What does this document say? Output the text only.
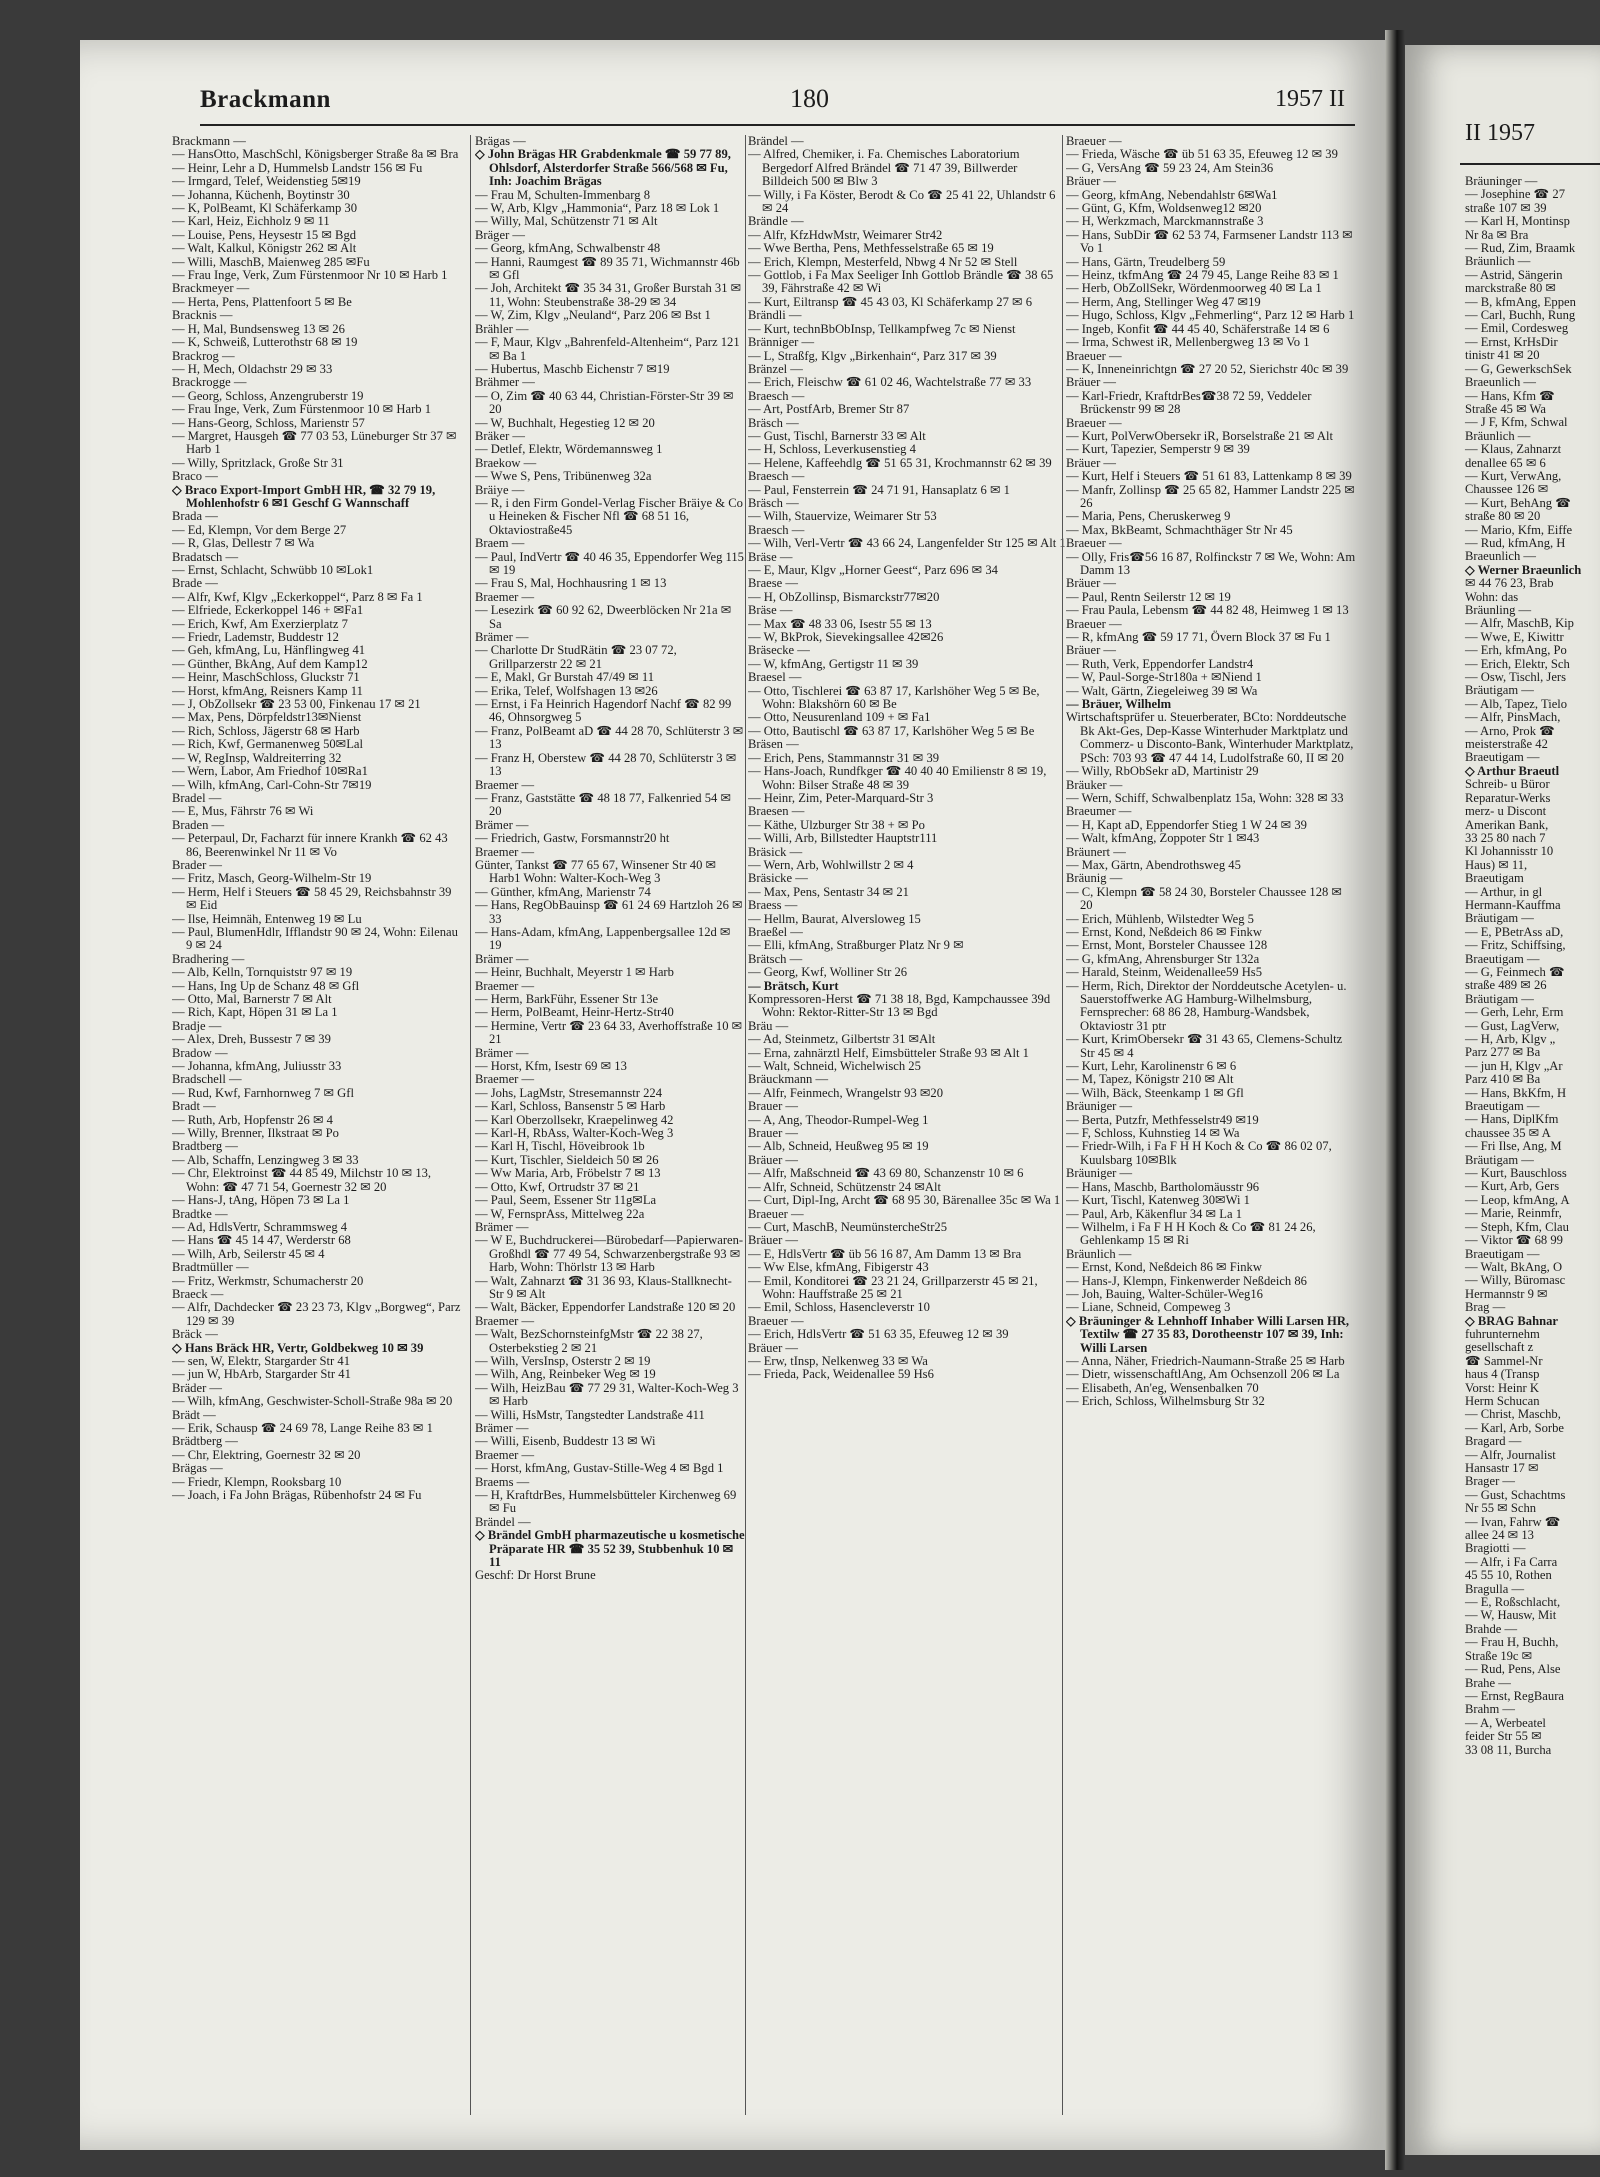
II 1957

Bräuninger —

— Josephine ☎ 27

straße 107 ✉ 39

— Karl H, Montinsp

Nr 8a ✉ Bra

— Rud, Zim, Braamk

Bräunlich —

— Astrid, Sängerin

marckstraße 80 ✉

— B, kfmAng, Eppen

— Carl, Buchh, Rung

— Emil, Cordesweg

— Ernst, KrHsDir

tinistr 41 ✉ 20

— G, GewerkschSek

Braeunlich —

— Hans, Kfm ☎

Straße 45 ✉ Wa

— J F, Kfm, Schwal

Bräunlich —

— Klaus, Zahnarzt

denallee 65 ✉ 6

— Kurt, VerwAng,

Chaussee 126 ✉

— Kurt, BehAng ☎

straße 80 ✉ 20

— Mario, Kfm, Eiffe

— Rud, kfmAng, H

Braeunlich —

◇ Werner Braeunlich

✉ 44 76 23, Brab

Wohn: das

Bräunling —

— Alfr, MaschB, Kip

— Wwe, E, Kiwittr

— Erh, kfmAng, Po

— Erich, Elektr, Sch

— Osw, Tischl, Jers

Bräutigam —

— Alb, Tapez, Tielo

— Alfr, PinsMach,

— Arno, Prok ☎

meisterstraße 42

Braeutigam —

◇ Arthur Braeutl

Schreib- u Büror

Reparatur-Werks

merz- u Discont

Amerikan Bank,

33 25 80 nach 7

Kl Johannisstr 10

Haus) ✉ 11,

Braeutigam

— Arthur, in gl

Hermann-Kauffma

Bräutigam —

— E, PBetrAss aD,

— Fritz, Schiffsing,

Braeutigam —

— G, Feinmech ☎

straße 489 ✉ 26

Bräutigam —

— Gerh, Lehr, Erm

— Gust, LagVerw,

— H, Arb, Klgv „

Parz 277 ✉ Ba

— jun H, Klgv „Ar

Parz 410 ✉ Ba

— Hans, BkKfm, H

Braeutigam —

— Hans, DiplKfm

chaussee 35 ✉ A

— Fri Ilse, Ang, M

Bräutigam —

— Kurt, Bauschloss

— Kurt, Arb, Gers

— Leop, kfmAng, A

— Marie, Reinmfr,

— Steph, Kfm, Clau

— Viktor ☎ 68 99

Braeutigam —

— Walt, BkAng, O

— Willy, Büromasc

Hermannstr 9 ✉

Brag —

◇ BRAG Bahnar

fuhrunternehm

gesellschaft z

☎ Sammel-Nr

haus 4 (Transp

Vorst: Heinr K

Herm Schucan

— Christ, Maschb,

— Karl, Arb, Sorbe

Bragard —

— Alfr, Journalist

Hansastr 17 ✉

Brager —

— Gust, Schachtms

Nr 55 ✉ Schn

— Ivan, Fahrw ☎

allee 24 ✉ 13

Bragiotti —

— Alfr, i Fa Carra

45 55 10, Rothen

Bragulla —

— E, Roßschlacht,

— W, Hausw, Mit

Brahde —

— Frau H, Buchh,

Straße 19c ✉

— Rud, Pens, Alse

Brahe —

— Ernst, RegBaura

Brahm —

— A, Werbeatel

feider Str 55 ✉

33 08 11, Burcha

Brackmann	180	1957 II

Brackmann —

— HansOtto, MaschSchl, Königsberger Straße 8a ✉ Bra

— Heinr, Lehr a D, Hummelsb Landstr 156 ✉ Fu

— Irmgard, Telef, Weidenstieg 5✉19

— Johanna, Küchenh, Boytinstr 30

— K, PolBeamt, Kl Schäferkamp 30

— Karl, Heiz, Eichholz 9 ✉ 11

— Louise, Pens, Heysestr 15 ✉ Bgd

— Walt, Kalkul, Königstr 262 ✉ Alt

— Willi, MaschB, Maienweg 285 ✉Fu

— Frau Inge, Verk, Zum Fürstenmoor Nr 10 ✉ Harb 1

Brackmeyer —

— Herta, Pens, Plattenfoort 5 ✉ Be

Bracknis —

— H, Mal, Bundsensweg 13 ✉ 26

— K, Schweiß, Lutterothstr 68 ✉ 19

Brackrog —

— H, Mech, Oldachstr 29 ✉ 33

Brackrogge —

— Georg, Schloss, Anzengruberstr 19

— Frau Inge, Verk, Zum Fürstenmoor 10 ✉ Harb 1

— Hans-Georg, Schloss, Marienstr 57

— Margret, Hausgeh ☎ 77 03 53, Lüneburger Str 37 ✉ Harb 1

— Willy, Spritzlack, Große Str 31

Braco —

◇ Braco Export-Import GmbH HR, ☎ 32 79 19, Mohlenhofstr 6 ✉1 Geschf G Wannschaff

Brada —

— Ed, Klempn, Vor dem Berge 27

— R, Glas, Dellestr 7 ✉ Wa

Bradatsch —

— Ernst, Schlacht, Schwübb 10 ✉Lok1

Brade —

— Alfr, Kwf, Klgv „Eckerkoppel“, Parz 8 ✉ Fa 1

— Elfriede, Eckerkoppel 146 + ✉Fa1

— Erich, Kwf, Am Exerzierplatz 7

— Friedr, Lademstr, Buddestr 12

— Geh, kfmAng, Lu, Hänflingweg 41

— Günther, BkAng, Auf dem Kamp12

— Heinr, MaschSchloss, Gluckstr 71

— Horst, kfmAng, Reisners Kamp 11

— J, ObZollsekr ☎ 23 53 00, Finkenau 17 ✉ 21

— Max, Pens, Dörpfeldstr13✉Nienst

— Rich, Schloss, Jägerstr 68 ✉ Harb

— Rich, Kwf, Germanenweg 50✉Lal

— W, RegInsp, Waldreiterring 32

— Wern, Labor, Am Friedhof 10✉Ra1

— Wilh, kfmAng, Carl-Cohn-Str 7✉19

Bradel —

— E, Mus, Fährstr 76 ✉ Wi

Braden —

— Peterpaul, Dr, Facharzt für innere Krankh ☎ 62 43 86, Beerenwinkel Nr 11 ✉ Vo

Brader —

— Fritz, Masch, Georg-Wilhelm-Str 19

— Herm, Helf i Steuers ☎ 58 45 29, Reichsbahnstr 39 ✉ Eid

— Ilse, Heimnäh, Entenweg 19 ✉ Lu

— Paul, BlumenHdlr, Ifflandstr 90 ✉ 24, Wohn: Eilenau 9 ✉ 24

Bradhering —

— Alb, Kelln, Tornquiststr 97 ✉ 19

— Hans, Ing Up de Schanz 48 ✉ Gfl

— Otto, Mal, Barnerstr 7 ✉ Alt

— Rich, Kapt, Höpen 31 ✉ La 1

Bradje —

— Alex, Dreh, Bussestr 7 ✉ 39

Bradow —

— Johanna, kfmAng, Juliusstr 33

Bradschell —

— Rud, Kwf, Farnhornweg 7 ✉ Gfl

Bradt —

— Ruth, Arb, Hopfenstr 26 ✉ 4

— Willy, Brenner, Ilkstraat ✉ Po

Bradtberg —

— Alb, Schaffn, Lenzingweg 3 ✉ 33

— Chr, Elektroinst ☎ 44 85 49, Milchstr 10 ✉ 13, Wohn: ☎ 47 71 54, Goernestr 32 ✉ 20

— Hans-J, tAng, Höpen 73 ✉ La 1

Bradtke —

— Ad, HdlsVertr, Schrammsweg 4

— Hans ☎ 45 14 47, Werderstr 68

— Wilh, Arb, Seilerstr 45 ✉ 4

Bradtmüller —

— Fritz, Werkmstr, Schumacherstr 20

Braeck —

— Alfr, Dachdecker ☎ 23 23 73, Klgv „Borgweg“, Parz 129 ✉ 39

Bräck —

◇ Hans Bräck HR, Vertr, Goldbekweg 10 ✉ 39

— sen, W, Elektr, Stargarder Str 41

— jun W, HbArb, Stargarder Str 41

Bräder —

— Wilh, kfmAng, Geschwister-Scholl-Straße 98a ✉ 20

Brädt —

— Erik, Schausp ☎ 24 69 78, Lange Reihe 83 ✉ 1

Brädtberg —

— Chr, Elektring, Goernestr 32 ✉ 20

Brägas —

— Friedr, Klempn, Rooksbarg 10

— Joach, i Fa John Brägas, Rübenhofstr 24 ✉ Fu

Brägas —

◇ John Brägas HR Grabdenkmale ☎ 59 77 89, Ohlsdorf, Alsterdorfer Straße 566/568 ✉ Fu, Inh: Joachim Brägas

— Frau M, Schulten-Immenbarg 8

— W, Arb, Klgv „Hammonia“, Parz 18 ✉ Lok 1

— Willy, Mal, Schützenstr 71 ✉ Alt

Bräger —

— Georg, kfmAng, Schwalbenstr 48

— Hanni, Raumgest ☎ 89 35 71, Wichmannstr 46b ✉ Gfl

— Joh, Architekt ☎ 35 34 31, Großer Burstah 31 ✉ 11, Wohn: Steubenstraße 38-29 ✉ 34

— W, Zim, Klgv „Neuland“, Parz 206 ✉ Bst 1

Brähler —

— F, Maur, Klgv „Bahrenfeld-Altenheim“, Parz 121 ✉ Ba 1

— Hubertus, Maschb Eichenstr 7 ✉19

Brähmer —

— O, Zim ☎ 40 63 44, Christian-Förster-Str 39 ✉ 20

— W, Buchhalt, Hegestieg 12 ✉ 20

Bräker —

— Detlef, Elektr, Wördemannsweg 1

Braekow —

— Wwe S, Pens, Tribünenweg 32a

Bräiye —

— R, i den Firm Gondel-Verlag Fischer Bräiye & Co u Heineken & Fischer Nfl ☎ 68 51 16, Oktaviostraße45

Braem —

— Paul, IndVertr ☎ 40 46 35, Eppendorfer Weg 115 ✉ 19

— Frau S, Mal, Hochhausring 1 ✉ 13

Braemer —

— Lesezirk ☎ 60 92 62, Dweerblöcken Nr 21a ✉ Sa

Brämer —

— Charlotte Dr StudRätin ☎ 23 07 72, Grillparzerstr 22 ✉ 21

— E, Makl, Gr Burstah 47/49 ✉ 11

— Erika, Telef, Wolfshagen 13 ✉26

— Ernst, i Fa Heinrich Hagendorf Nachf ☎ 82 99 46, Ohnsorgweg 5

— Franz, PolBeamt aD ☎ 44 28 70, Schlüterstr 3 ✉ 13

— Franz H, Oberstew ☎ 44 28 70, Schlüterstr 3 ✉ 13

Braemer —

— Franz, Gaststätte ☎ 48 18 77, Falkenried 54 ✉ 20

Brämer —

— Friedrich, Gastw, Forsmannstr20 ht

Braemer —

Günter, Tankst ☎ 77 65 67, Winsener Str 40 ✉ Harb1 Wohn: Walter-Koch-Weg 3

— Günther, kfmAng, Marienstr 74

— Hans, RegObBauinsp ☎ 61 24 69 Hartzloh 26 ✉ 33

— Hans-Adam, kfmAng, Lappenbergsallee 12d ✉ 19

Brämer —

— Heinr, Buchhalt, Meyerstr 1 ✉ Harb

Braemer —

— Herm, BarkFühr, Essener Str 13e

— Herm, PolBeamt, Heinr-Hertz-Str40

— Hermine, Vertr ☎ 23 64 33, Averhoffstraße 10 ✉ 21

Brämer —

— Horst, Kfm, Isestr 69 ✉ 13

Braemer —

— Johs, LagMstr, Stresemannstr 224

— Karl, Schloss, Bansenstr 5 ✉ Harb

— Karl Oberzollsekr, Kraepelinweg 42

— Karl-H, RbAss, Walter-Koch-Weg 3

— Karl H, Tischl, Höveibrook 1b

— Kurt, Tischler, Sieldeich 50 ✉ 26

— Ww Maria, Arb, Fröbelstr 7 ✉ 13

— Otto, Kwf, Ortrudstr 37 ✉ 21

— Paul, Seem, Essener Str 11g✉La

— W, FernsprAss, Mittelweg 22a

Brämer —

— W E, Buchdruckerei—Bürobedarf—Papierwaren-Großhdl ☎ 77 49 54, Schwarzenbergstraße 93 ✉ Harb, Wohn: Thörlstr 13 ✉ Harb

— Walt, Zahnarzt ☎ 31 36 93, Klaus-Stallknecht-Str 9 ✉ Alt

— Walt, Bäcker, Eppendorfer Landstraße 120 ✉ 20

Braemer —

— Walt, BezSchornsteinfgMstr ☎ 22 38 27, Osterbekstieg 2 ✉ 21

— Wilh, VersInsp, Osterstr 2 ✉ 19

— Wilh, Ang, Reinbeker Weg ✉ 19

— Wilh, HeizBau ☎ 77 29 31, Walter-Koch-Weg 3 ✉ Harb

— Willi, HsMstr, Tangstedter Landstraße 411

Brämer —

— Willi, Eisenb, Buddestr 13 ✉ Wi

Braemer —

— Horst, kfmAng, Gustav-Stille-Weg 4 ✉ Bgd 1

Braems —

— H, KraftdrBes, Hummelsbütteler Kirchenweg 69 ✉ Fu

Brändel —

◇ Brändel GmbH pharmazeutische u kosmetische Präparate HR ☎ 35 52 39, Stubbenhuk 10 ✉ 11

Geschf: Dr Horst Brune

Brändel —

— Alfred, Chemiker, i. Fa. Chemisches Laboratorium Bergedorf Alfred Brändel ☎ 71 47 39, Billwerder Billdeich 500 ✉ Blw 3

— Willy, i Fa Köster, Berodt & Co ☎ 25 41 22, Uhlandstr 6 ✉ 24

Brändle —

— Alfr, KfzHdwMstr, Weimarer Str42

— Wwe Bertha, Pens, Methfesselstraße 65 ✉ 19

— Erich, Klempn, Mesterfeld, Nbwg 4 Nr 52 ✉ Stell

— Gottlob, i Fa Max Seeliger Inh Gottlob Brändle ☎ 38 65 39, Fährstraße 42 ✉ Wi

— Kurt, Eiltransp ☎ 45 43 03, Kl Schäferkamp 27 ✉ 6

Brändli —

— Kurt, technBbObInsp, Tellkampfweg 7c ✉ Nienst

Bränniger —

— L, Straßfg, Klgv „Birkenhain“, Parz 317 ✉ 39

Bränzel —

— Erich, Fleischw ☎ 61 02 46, Wachtelstraße 77 ✉ 33

Braesch —

— Art, PostfArb, Bremer Str 87

Bräsch —

— Gust, Tischl, Barnerstr 33 ✉ Alt

— H, Schloss, Leverkusenstieg 4

— Helene, Kaffeehdlg ☎ 51 65 31, Krochmannstr 62 ✉ 39

Braesch —

— Paul, Fensterrein ☎ 24 71 91, Hansaplatz 6 ✉ 1

Bräsch —

— Wilh, Stauervize, Weimarer Str 53

Braesch —

— Wilh, Verl-Vertr ☎ 43 66 24, Langenfelder Str 125 ✉ Alt 1

Bräse —

— E, Maur, Klgv „Horner Geest“, Parz 696 ✉ 34

Braese —

— H, ObZollinsp, Bismarckstr77✉20

Bräse —

— Max ☎ 48 33 06, Isestr 55 ✉ 13

— W, BkProk, Sievekingsallee 42✉26

Bräsecke —

— W, kfmAng, Gertigstr 11 ✉ 39

Braesel —

— Otto, Tischlerei ☎ 63 87 17, Karlshöher Weg 5 ✉ Be, Wohn: Blakshörn 60 ✉ Be

— Otto, Neusurenland 109 + ✉ Fa1

— Otto, Bautischl ☎ 63 87 17, Karlshöher Weg 5 ✉ Be

Bräsen —

— Erich, Pens, Stammannstr 31 ✉ 39

— Hans-Joach, Rundfkger ☎ 40 40 40 Emilienstr 8 ✉ 19, Wohn: Bilser Straße 48 ✉ 39

— Heinr, Zim, Peter-Marquard-Str 3

Braesen —

— Käthe, Ulzburger Str 38 + ✉ Po

— Willi, Arb, Billstedter Hauptstr111

Bräsick —

— Wern, Arb, Wohlwillstr 2 ✉ 4

Bräsicke —

— Max, Pens, Sentastr 34 ✉ 21

Braess —

— Hellm, Baurat, Alversloweg 15

Braeßel —

— Elli, kfmAng, Straßburger Platz Nr 9 ✉

Brätsch —

— Georg, Kwf, Wolliner Str 26

— Brätsch, Kurt

Kompressoren-Herst ☎ 71 38 18, Bgd, Kampchaussee 39d Wohn: Rektor-Ritter-Str 13 ✉ Bgd

Bräu —

— Ad, Steinmetz, Gilbertstr 31 ✉Alt

— Erna, zahnärztl Helf, Eimsbütteler Straße 93 ✉ Alt 1

— Walt, Schneid, Wichelwisch 25

Bräuckmann —

— Alfr, Feinmech, Wrangelstr 93 ✉20

Brauer —

— A, Ang, Theodor-Rumpel-Weg 1

Brauer —

— Alb, Schneid, Heußweg 95 ✉ 19

Bräuer —

— Alfr, Maßschneid ☎ 43 69 80, Schanzenstr 10 ✉ 6

— Alfr, Schneid, Schützenstr 24 ✉Alt

— Curt, Dipl-Ing, Archt ☎ 68 95 30, Bärenallee 35c ✉ Wa 1

Braeuer —

— Curt, MaschB, NeumünstercheStr25

Bräuer —

— E, HdlsVertr ☎ üb 56 16 87, Am Damm 13 ✉ Bra

— Ww Else, kfmAng, Fibigerstr 43

— Emil, Konditorei ☎ 23 21 24, Grillparzerstr 45 ✉ 21, Wohn: Hauffstraße 25 ✉ 21

— Emil, Schloss, Hasencleverstr 10

Braeuer —

— Erich, HdlsVertr ☎ 51 63 35, Efeuweg 12 ✉ 39

Bräuer —

— Erw, tInsp, Nelkenweg 33 ✉ Wa

— Frieda, Pack, Weidenallee 59 Hs6

Braeuer —

— Frieda, Wäsche ☎ üb 51 63 35, Efeuweg 12 ✉ 39

— G, VersAng ☎ 59 23 24, Am Stein36

Bräuer —

— Georg, kfmAng, Nebendahlstr 6✉Wa1

— Günt, G, Kfm, Woldsenweg12 ✉20

— H, Werkzmach, Marckmannstraße 3

— Hans, SubDir ☎ 62 53 74, Farmsener Landstr 113 ✉ Vo 1

— Hans, Gärtn, Treudelberg 59

— Heinz, tkfmAng ☎ 24 79 45, Lange Reihe 83 ✉ 1

— Herb, ObZollSekr, Wördenmoorweg 40 ✉ La 1

— Herm, Ang, Stellinger Weg 47 ✉19

— Hugo, Schloss, Klgv „Fehmerling“, Parz 12 ✉ Harb 1

— Ingeb, Konfit ☎ 44 45 40, Schäferstraße 14 ✉ 6

— Irma, Schwest iR, Mellenbergweg 13 ✉ Vo 1

Braeuer —

— K, Inneneinrichtgn ☎ 27 20 52, Sierichstr 40c ✉ 39

Bräuer —

— Karl-Friedr, KraftdrBes☎38 72 59, Veddeler Brückenstr 99 ✉ 28

Braeuer —

— Kurt, PolVerwObersekr iR, Borselstraße 21 ✉ Alt

— Kurt, Tapezier, Semperstr 9 ✉ 39

Bräuer —

— Kurt, Helf i Steuers ☎ 51 61 83, Lattenkamp 8 ✉ 39

— Manfr, Zollinsp ☎ 25 65 82, Hammer Landstr 225 ✉ 26

— Maria, Pens, Cheruskerweg 9

— Max, BkBeamt, Schmachthäger Str Nr 45

Braeuer —

— Olly, Fris☎56 16 87, Rolfinckstr 7 ✉ We, Wohn: Am Damm 13

Bräuer —

— Paul, Rentn Seilerstr 12 ✉ 19

— Frau Paula, Lebensm ☎ 44 82 48, Heimweg 1 ✉ 13

Braeuer —

— R, kfmAng ☎ 59 17 71, Övern Block 37 ✉ Fu 1

Bräuer —

— Ruth, Verk, Eppendorfer Landstr4

— W, Paul-Sorge-Str180a + ✉Niend 1

— Walt, Gärtn, Ziegeleiweg 39 ✉ Wa

— Bräuer, Wilhelm

Wirtschaftsprüfer u. Steuerberater, BCto: Norddeutsche Bk Akt-Ges, Dep-Kasse Winterhuder Marktplatz und Commerz- u Disconto-Bank, Winterhuder Marktplatz, PSch: 703 93 ☎ 47 44 14, Ludolfstraße 60, II ✉ 20

— Willy, RbObSekr aD, Martinistr 29

Bräuker —

— Wern, Schiff, Schwalbenplatz 15a, Wohn: 328 ✉ 33

Braeumer —

— H, Kapt aD, Eppendorfer Stieg 1 W 24 ✉ 39

— Walt, kfmAng, Zoppoter Str 1 ✉43

Bräunert —

— Max, Gärtn, Abendrothsweg 45

Bräunig —

— C, Klempn ☎ 58 24 30, Borsteler Chaussee 128 ✉ 20

— Erich, Mühlenb, Wilstedter Weg 5

— Ernst, Kond, Neßdeich 86 ✉ Finkw

— Ernst, Mont, Borsteler Chaussee 128

— G, kfmAng, Ahrensburger Str 132a

— Harald, Steinm, Weidenallee59 Hs5

— Herm, Rich, Direktor der Norddeutsche Acetylen- u. Sauerstoffwerke AG Hamburg-Wilhelmsburg, Fernsprecher: 68 86 28, Hamburg-Wandsbek, Oktaviostr 31 ptr

— Kurt, KrimObersekr ☎ 31 43 65, Clemens-Schultz Str 45 ✉ 4

— Kurt, Lehr, Karolinenstr 6 ✉ 6

— M, Tapez, Königstr 210 ✉ Alt

— Wilh, Bäck, Steenkamp 1 ✉ Gfl

Bräuniger —

— Berta, Putzfr, Methfesselstr49 ✉19

— F, Schloss, Kuhnstieg 14 ✉ Wa

— Friedr-Wilh, i Fa F H H Koch & Co ☎ 86 02 07, Kuulsbarg 10✉Blk

Bräuniger —

— Hans, Maschb, Bartholomäusstr 96

— Kurt, Tischl, Katenweg 30✉Wi 1

— Paul, Arb, Käkenflur 34 ✉ La 1

— Wilhelm, i Fa F H H Koch & Co ☎ 81 24 26, Gehlenkamp 15 ✉ Ri

Bräunlich —

— Ernst, Kond, Neßdeich 86 ✉ Finkw

— Hans-J, Klempn, Finkenwerder Neßdeich 86

— Joh, Bauing, Walter-Schüler-Weg16

— Liane, Schneid, Compeweg 3

◇ Bräuninger & Lehnhoff Inhaber Willi Larsen HR, Textilw ☎ 27 35 83, Dorotheenstr 107 ✉ 39, Inh: Willi Larsen

— Anna, Näher, Friedrich-Naumann-Straße 25 ✉ Harb

— Dietr, wissenschaftlAng, Am Ochsenzoll 206 ✉ La

— Elisabeth, An'eg, Wensenbalken 70

— Erich, Schloss, Wilhelmsburg Str 32
